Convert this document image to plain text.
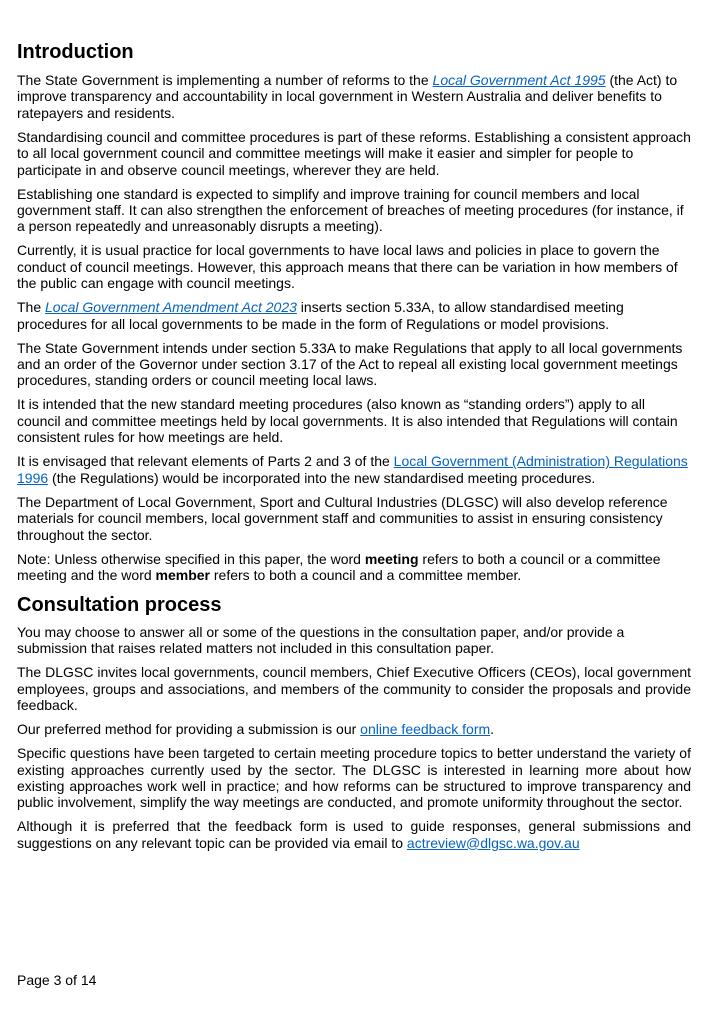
Introduction

The State Government is implementing a number of reforms to the Local Government Act 1995 (the Act) to improve transparency and accountability in local government in Western Australia and deliver benefits to ratepayers and residents.

Standardising council and committee procedures is part of these reforms. Establishing a consistent approach to all local government council and committee meetings will make it easier and simpler for people to participate in and observe council meetings, wherever they are held.

Establishing one standard is expected to simplify and improve training for council members and local government staff. It can also strengthen the enforcement of breaches of meeting procedures (for instance, if a person repeatedly and unreasonably disrupts a meeting).

Currently, it is usual practice for local governments to have local laws and policies in place to govern the conduct of council meetings. However, this approach means that there can be variation in how members of the public can engage with council meetings.

The Local Government Amendment Act 2023 inserts section 5.33A, to allow standardised meeting procedures for all local governments to be made in the form of Regulations or model provisions.

The State Government intends under section 5.33A to make Regulations that apply to all local governments and an order of the Governor under section 3.17 of the Act to repeal all existing local government meetings procedures, standing orders or council meeting local laws.

It is intended that the new standard meeting procedures (also known as “standing orders”) apply to all council and committee meetings held by local governments. It is also intended that Regulations will contain consistent rules for how meetings are held.

It is envisaged that relevant elements of Parts 2 and 3 of the Local Government (Administration) Regulations 1996 (the Regulations) would be incorporated into the new standardised meeting procedures.

The Department of Local Government, Sport and Cultural Industries (DLGSC) will also develop reference materials for council members, local government staff and communities to assist in ensuring consistency throughout the sector.

Note: Unless otherwise specified in this paper, the word meeting refers to both a council or a committee meeting and the word member refers to both a council and a committee member.

Consultation process

You may choose to answer all or some of the questions in the consultation paper, and/or provide a submission that raises related matters not included in this consultation paper.

The DLGSC invites local governments, council members, Chief Executive Officers (CEOs), local government employees, groups and associations, and members of the community to consider the proposals and provide feedback.

Our preferred method for providing a submission is our online feedback form.

Specific questions have been targeted to certain meeting procedure topics to better understand the variety of existing approaches currently used by the sector. The DLGSC is interested in learning more about how existing approaches work well in practice; and how reforms can be structured to improve transparency and public involvement, simplify the way meetings are conducted, and promote uniformity throughout the sector.

Although it is preferred that the feedback form is used to guide responses, general submissions and suggestions on any relevant topic can be provided via email to actreview@dlgsc.wa.gov.au

Page 3 of 14
